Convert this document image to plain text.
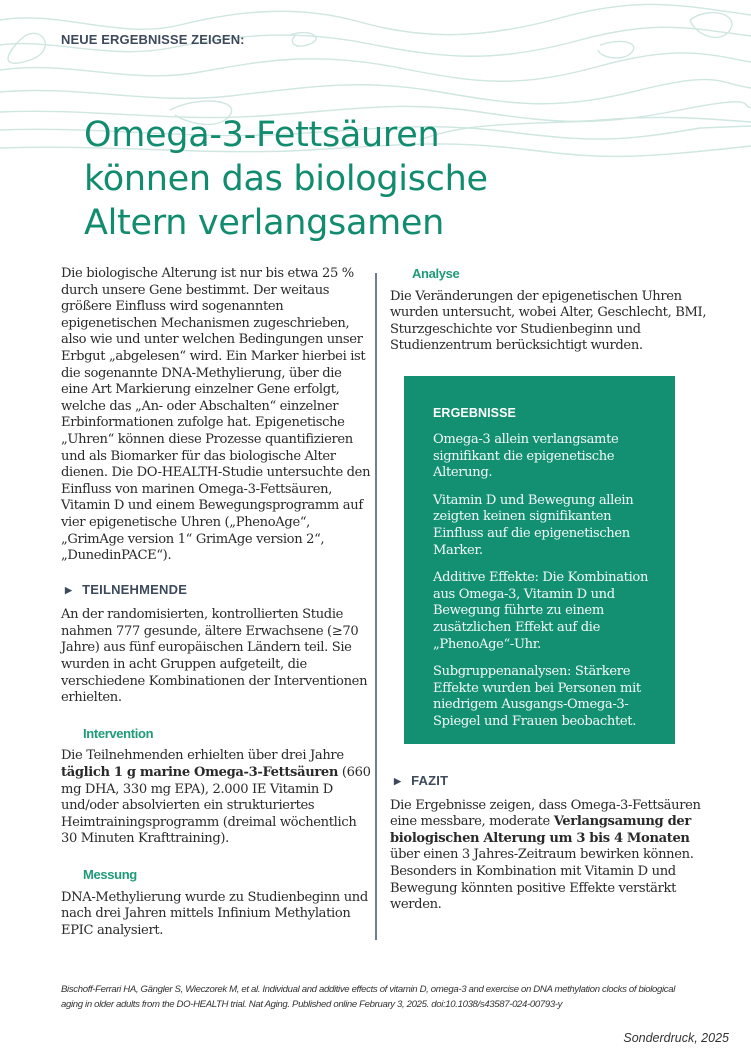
NEUE ERGEBNISSE ZEIGEN:
Omega-3-Fettsäuren
können das biologische
Altern verlangsamen

Die biologische Alterung ist nur bis etwa 25 % durch unsere Gene bestimmt. Der weitaus größere Einfluss wird sogenannten epigenetischen Mechanismen zugeschrieben, also wie und unter welchen Bedingungen unser Erbgut „abgelesen“ wird. Ein Marker hierbei ist die sogenannte DNA-Methylierung, über die eine Art Markierung einzelner Gene erfolgt, welche das „An- oder Abschalten“ einzelner Erbinformationen zufolge hat. Epigenetische „Uhren“ können diese Prozesse quantifizieren und als Biomarker für das biologische Alter dienen. Die DO-HEALTH-Studie untersuchte den Einfluss von marinen Omega-3-Fettsäuren, Vitamin D und einem Bewegungsprogramm auf vier epigenetische Uhren („PhenoAge“, „GrimAge version 1“ GrimAge version 2“, „DunedinPACE“).

▶ TEILNEHMENDE

An der randomisierten, kontrollierten Studie nahmen 777 gesunde, ältere Erwachsene (≥70 Jahre) aus fünf europäischen Ländern teil. Sie wurden in acht Gruppen aufgeteilt, die verschiedene Kombinationen der Interventionen erhielten.

Intervention

Die Teilnehmenden erhielten über drei Jahre täglich 1 g marine Omega-3-Fettsäuren (660 mg DHA, 330 mg EPA), 2.000 IE Vitamin D und/oder absolvierten ein strukturiertes Heimtrainingsprogramm (dreimal wöchentlich 30 Minuten Krafttraining).

Messung

DNA-Methylierung wurde zu Studienbeginn und nach drei Jahren mittels Infinium Methylation EPIC analysiert.

Analyse

Die Veränderungen der epigenetischen Uhren wurden untersucht, wobei Alter, Geschlecht, BMI, Sturzgeschichte vor Studienbeginn und Studienzentrum berücksichtigt wurden.

ERGEBNISSE

Omega-3 allein verlangsamte signifikant die epigenetische Alterung.

Vitamin D und Bewegung allein zeigten keinen signifikanten Einfluss auf die epigenetischen Marker.

Additive Effekte: Die Kombination aus Omega-3, Vitamin D und Bewegung führte zu einem zusätzlichen Effekt auf die „PhenoAge“-Uhr.

Subgruppenanalysen: Stärkere Effekte wurden bei Personen mit niedrigem Ausgangs-Omega-3-Spiegel und Frauen beobachtet.

▶ FAZIT

Die Ergebnisse zeigen, dass Omega-3-Fettsäuren eine messbare, moderate Verlangsamung der biologischen Alterung um 3 bis 4 Monaten über einen 3 Jahres-Zeitraum bewirken können. Besonders in Kombination mit Vitamin D und Bewegung könnten positive Effekte verstärkt werden.

Bischoff-Ferrari HA, Gängler S, Wieczorek M, et al. Individual and additive effects of vitamin D, omega-3 and exercise on DNA methylation clocks of biological aging in older adults from the DO-HEALTH trial. Nat Aging. Published online February 3, 2025. doi:10.1038/s43587-024-00793-y
Sonderdruck, 2025
